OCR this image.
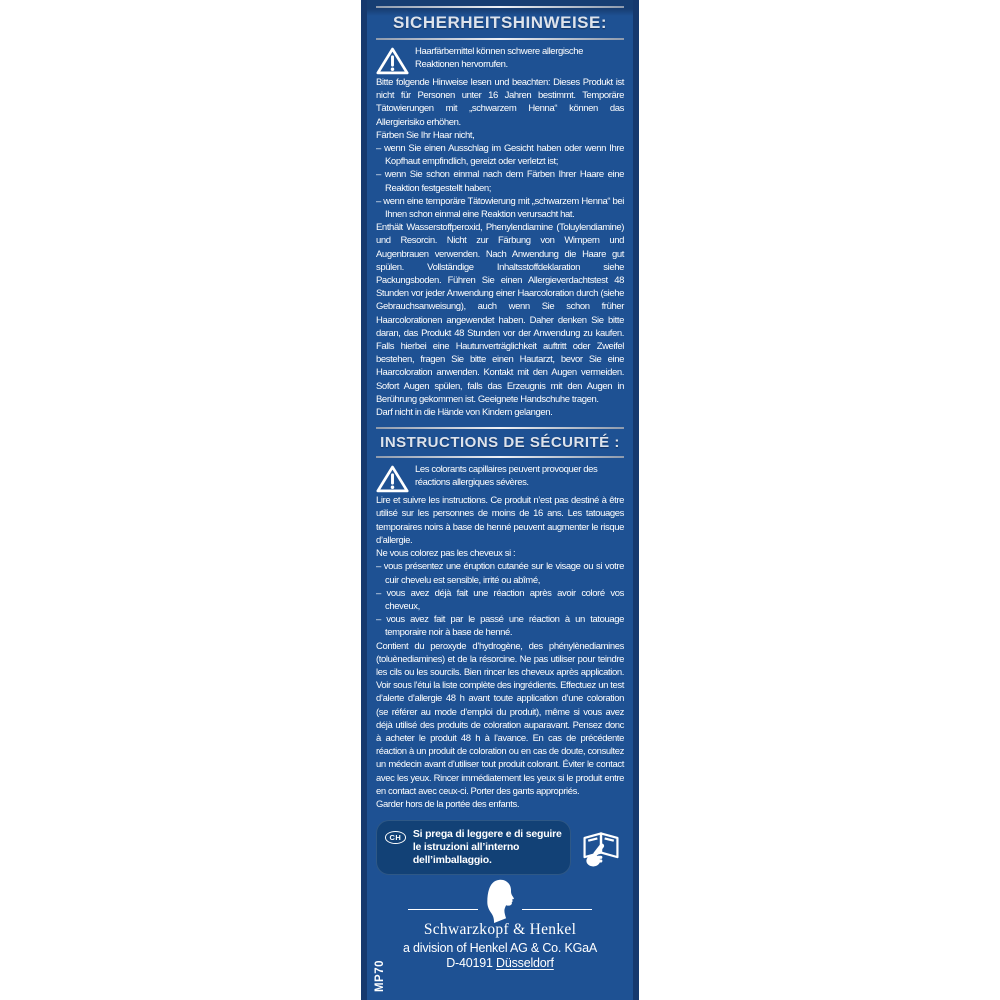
SICHERHEITSHINWEISE:
Haarfärbemittel können schwere allergische Reaktionen hervorrufen.
Bitte folgende Hinweise lesen und beachten: Dieses Produkt ist nicht für Personen unter 16 Jahren bestimmt. Temporäre Tätowierungen mit „schwarzem Henna“ können das Allergierisiko erhöhen.
Färben Sie Ihr Haar nicht,
– wenn Sie einen Ausschlag im Gesicht haben oder wenn Ihre Kopfhaut empfindlich, gereizt oder verletzt ist;
– wenn Sie schon einmal nach dem Färben Ihrer Haare eine Reaktion festgestellt haben;
– wenn eine temporäre Tätowierung mit „schwarzem Henna“ bei Ihnen schon einmal eine Reaktion verursacht hat.
Enthält Wasserstoffperoxid, Phenylendiamine (Toluylendiamine) und Resorcin. Nicht zur Färbung von Wimpern und Augenbrauen verwenden. Nach Anwendung die Haare gut spülen. Vollständige Inhaltsstoffdeklaration siehe Packungsboden. Führen Sie einen Allergieverdachtstest 48 Stunden vor jeder Anwendung einer Haarcoloration durch (siehe Gebrauchsanweisung), auch wenn Sie schon früher Haarcolorationen angewendet haben. Daher denken Sie bitte daran, das Produkt 48 Stunden vor der Anwendung zu kaufen. Falls hierbei eine Hautunverträglichkeit auftritt oder Zweifel bestehen, fragen Sie bitte einen Hautarzt, bevor Sie eine Haarcoloration anwenden. Kontakt mit den Augen vermeiden. Sofort Augen spülen, falls das Erzeugnis mit den Augen in Berührung gekommen ist. Geeignete Handschuhe tragen.
Darf nicht in die Hände von Kindern gelangen.
INSTRUCTIONS DE SÉCURITÉ :
Les colorants capillaires peuvent provoquer des réactions allergiques sévères.
Lire et suivre les instructions. Ce produit n’est pas destiné à être utilisé sur les personnes de moins de 16 ans. Les tatouages temporaires noirs à base de henné peuvent augmenter le risque d’allergie.
Ne vous colorez pas les cheveux si :
– vous présentez une éruption cutanée sur le visage ou si votre cuir chevelu est sensible, irrité ou abîmé,
– vous avez déjà fait une réaction après avoir coloré vos cheveux,
– vous avez fait par le passé une réaction à un tatouage temporaire noir à base de henné.
Contient du peroxyde d’hydrogène, des phénylènediamines (toluènediamines) et de la résorcine. Ne pas utiliser pour teindre les cils ou les sourcils. Bien rincer les cheveux après application. Voir sous l’étui la liste complète des ingrédients. Effectuez un test d’alerte d’allergie 48 h avant toute application d’une coloration (se référer au mode d’emploi du produit), même si vous avez déjà utilisé des produits de coloration auparavant. Pensez donc à acheter le produit 48 h à l’avance. En cas de précédente réaction à un produit de coloration ou en cas de doute, consultez un médecin avant d’utiliser tout produit colorant. Éviter le contact avec les yeux. Rincer immédiatement les yeux si le produit entre en contact avec ceux-ci. Porter des gants appropriés.
Garder hors de la portée des enfants.
CH	Si prega di leggere e di seguire le istruzioni all’interno dell’imballaggio.
Schwarzkopf & Henkel
a division of Henkel AG & Co. KGaA
D-40191 Düsseldorf
MP70
